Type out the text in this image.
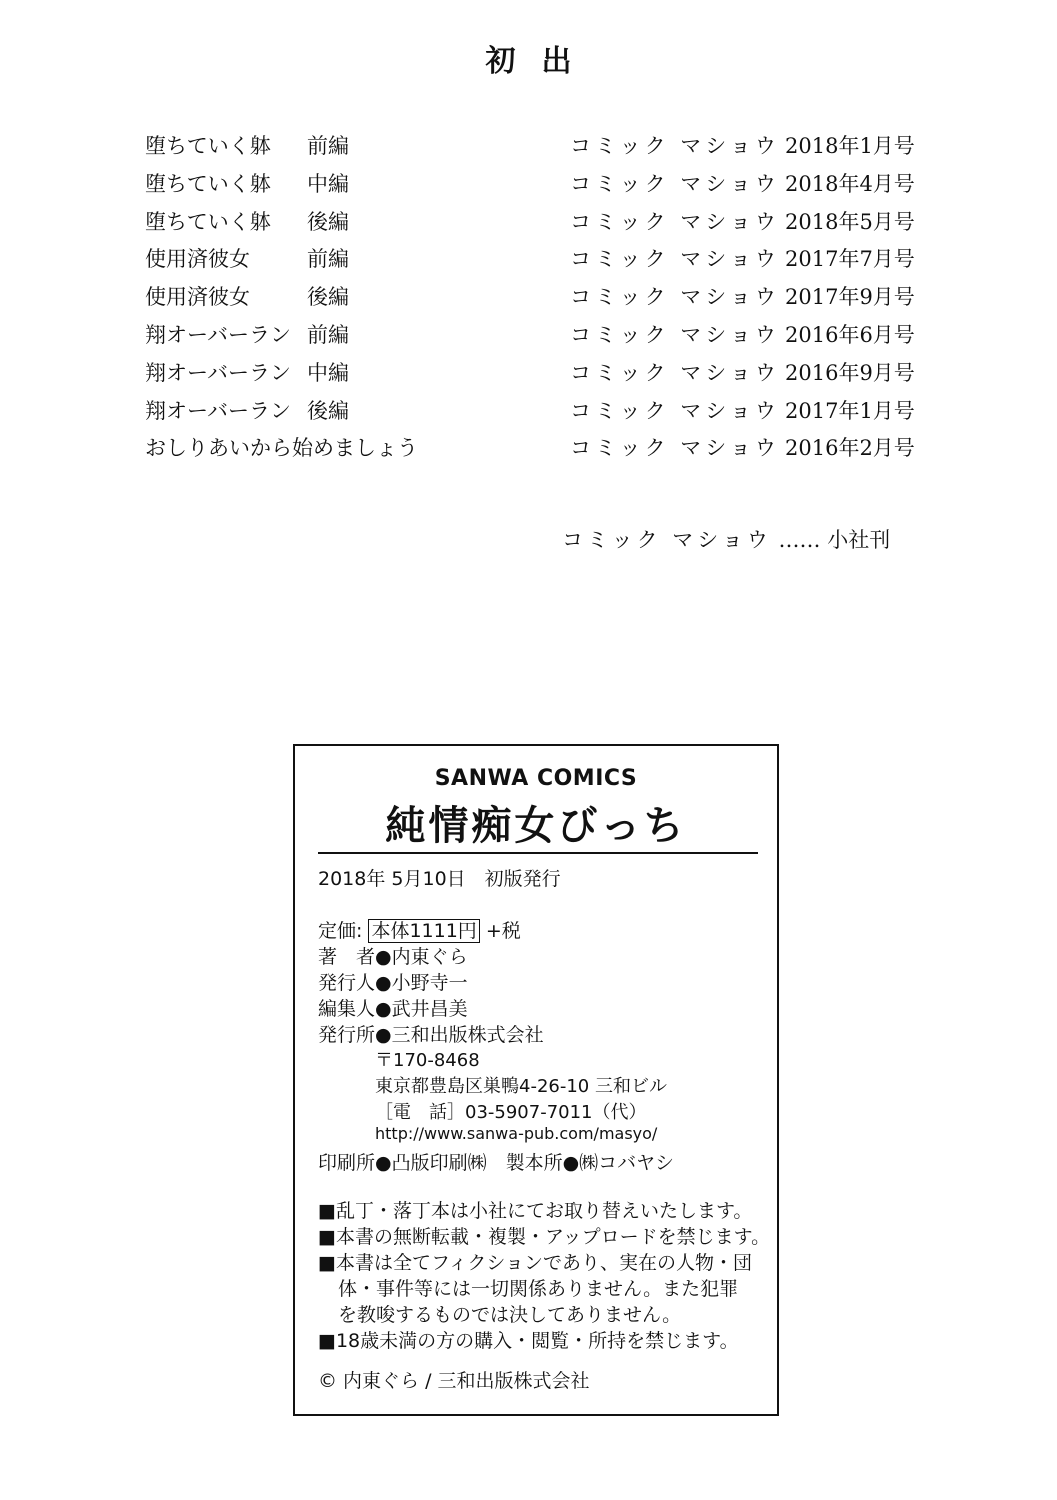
初出
堕ちていく躰 前編	コミック マショウ 2018年1月号
堕ちていく躰 中編	コミック マショウ 2018年4月号
堕ちていく躰 後編	コミック マショウ 2018年5月号
使用済彼女	前編	コミック マショウ 2017年7月号
使用済彼女	後編	コミック マショウ 2017年9月号
翔オーバーラン 前編	コミック マショウ 2016年6月号
翔オーバーラン 中編	コミック マショウ 2016年9月号
翔オーバーラン 後編	コミック マショウ 2017年1月号
おしりあいから始めましょう	コミック マショウ 2016年2月号
コミック マショウ …… 小社刊
SANWA COMICS
純情痴女びっち
2018年 5月10日　初版発行
定価: 本体1111円 +税
著　者●内東ぐら
発行人●小野寺一
編集人●武井昌美
発行所●三和出版株式会社
〒170-8468
東京都豊島区巣鴨4-26-10 三和ビル
［電　話］03-5907-7011（代）
http://www.sanwa-pub.com/masyo/
印刷所●凸版印刷㈱　製本所●㈱コバヤシ
■乱丁・落丁本は小社にてお取り替えいたします。
■本書の無断転載・複製・アップロードを禁じます。
■本書は全てフィクションであり、実在の人物・団
体・事件等には一切関係ありません。また犯罪
を教唆するものでは決してありません。
■18歳未満の方の購入・閲覧・所持を禁じます。
© 内東ぐら / 三和出版株式会社
